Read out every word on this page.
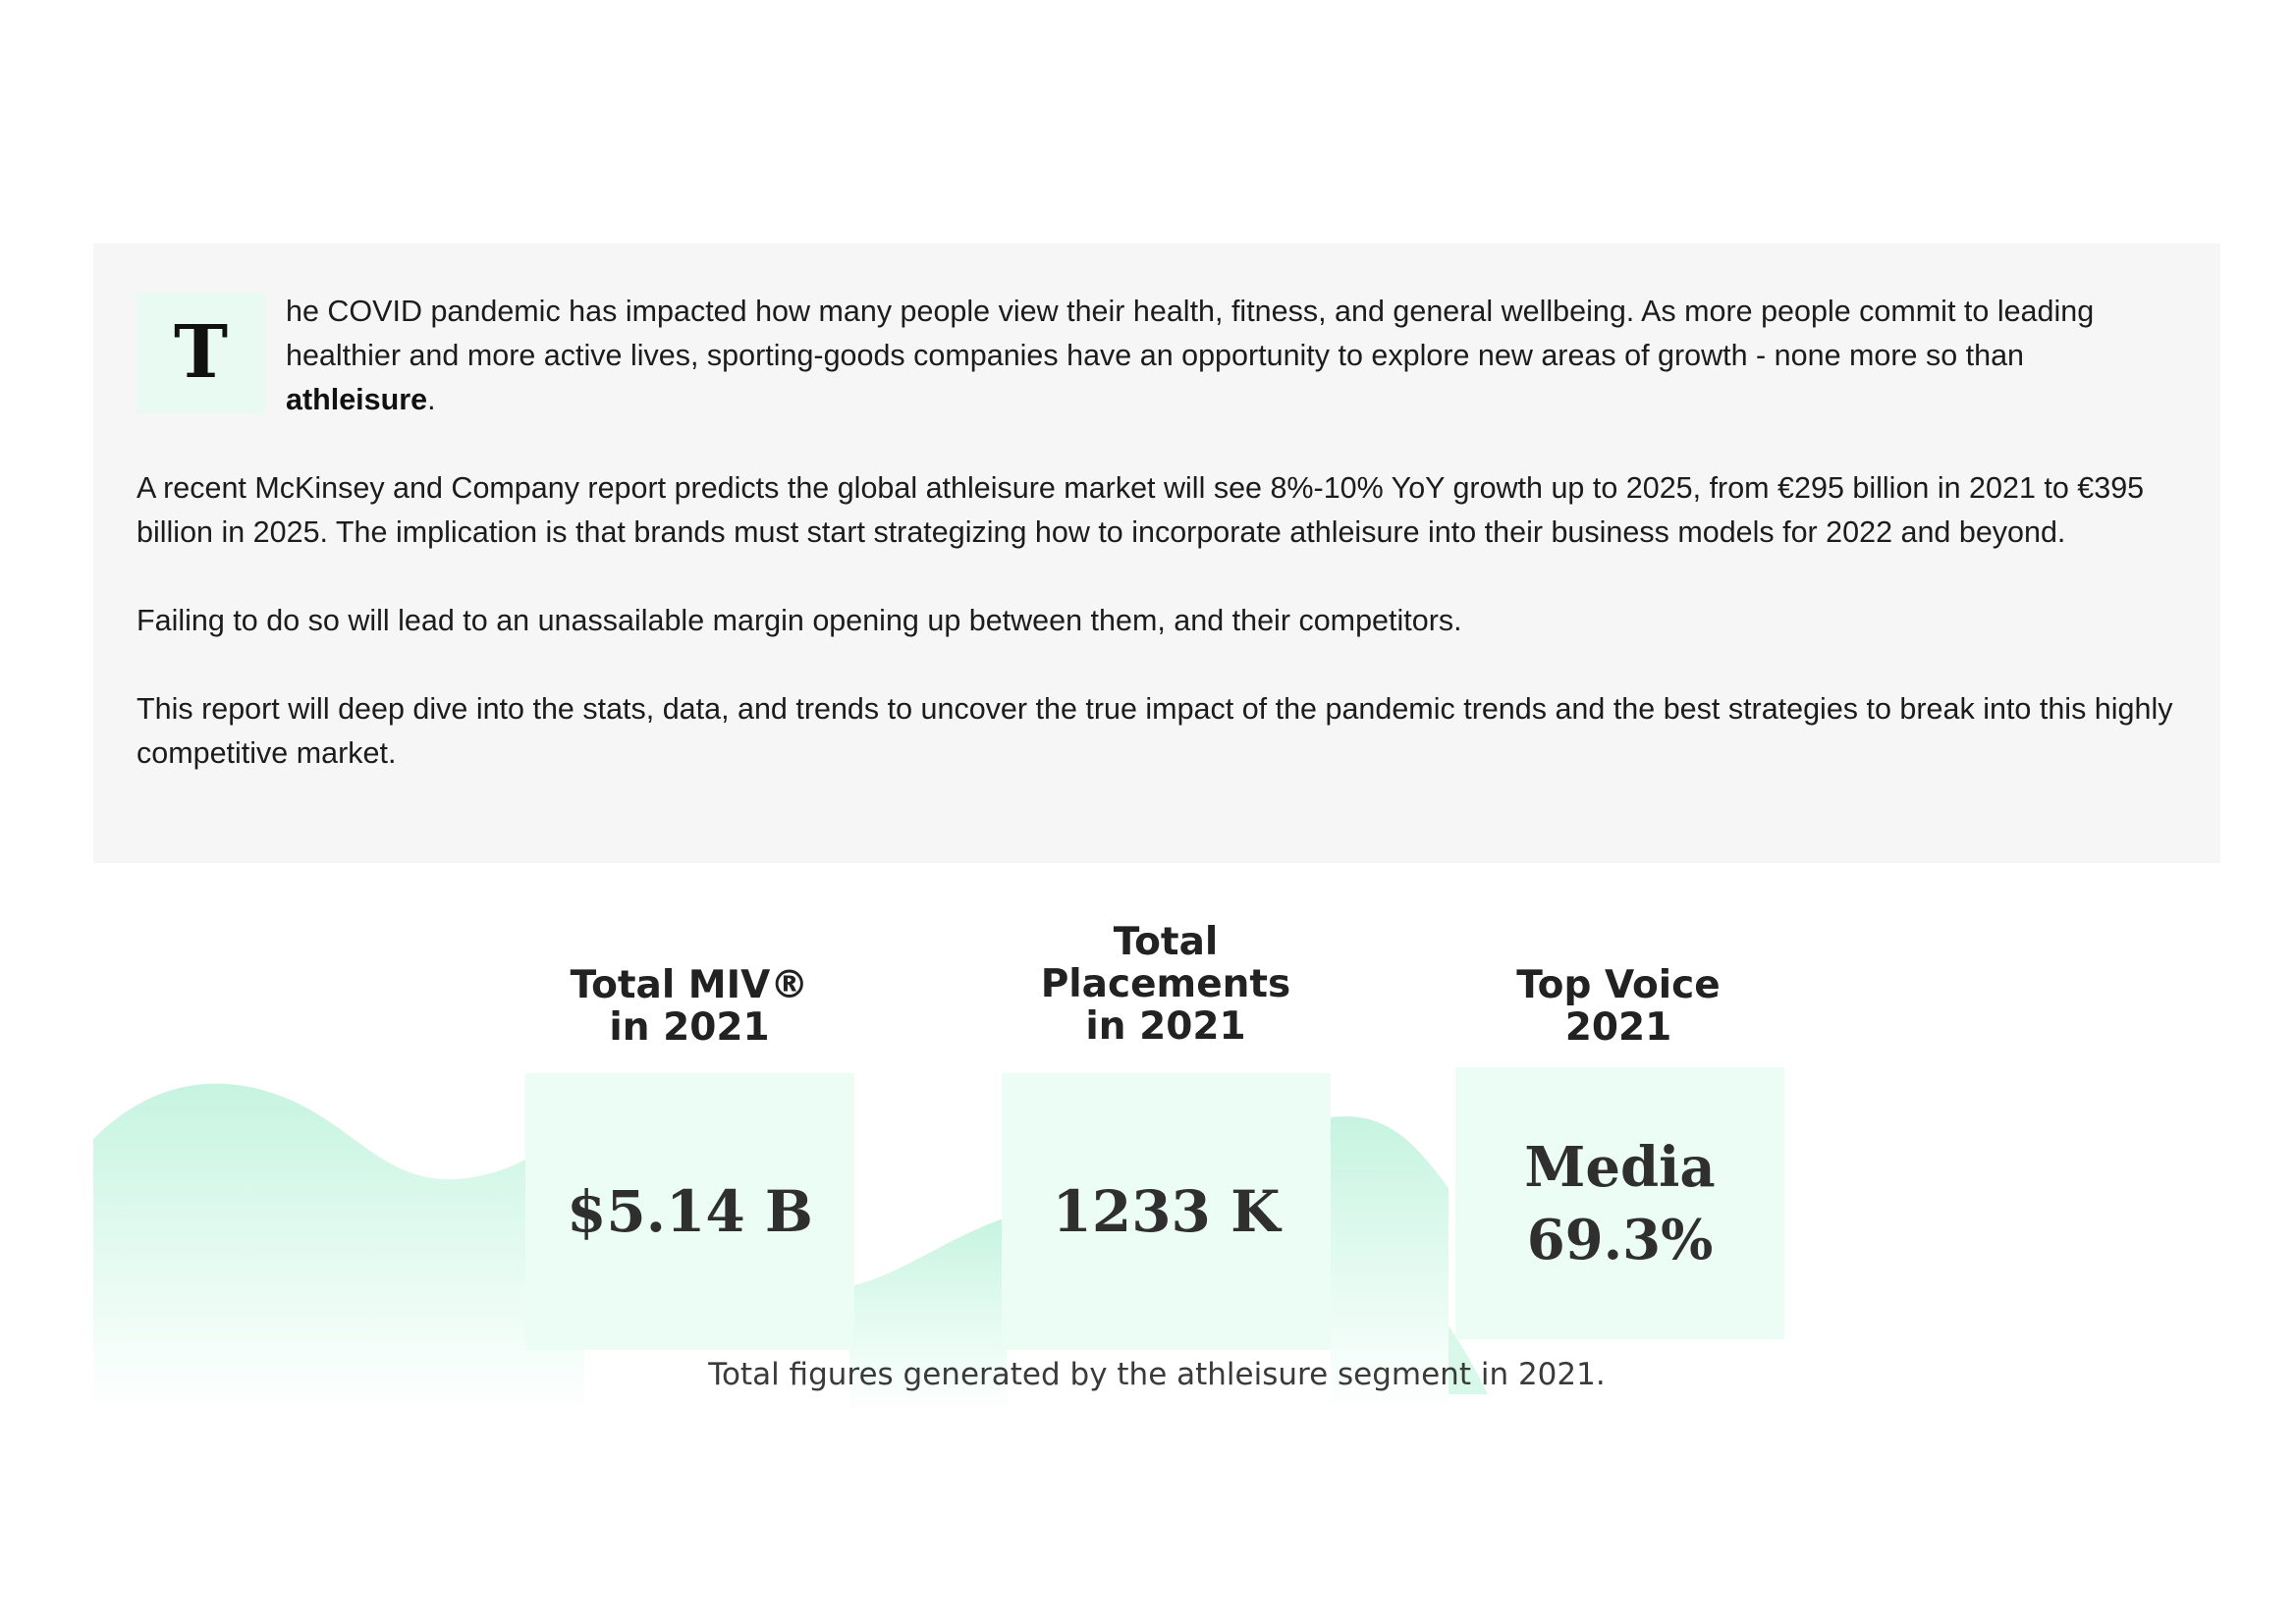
T	he COVID pandemic has impacted how many people view their health, fitness, and general wellbeing. As more people commit to leading healthier and more active lives, sporting-goods companies have an opportunity to explore new areas of growth - none more so than athleisure.

A recent McKinsey and Company report predicts the global athleisure market will see 8%-10% YoY growth up to 2025, from €295 billion in 2021 to €395 billion in 2025. The implication is that brands must start strategizing how to incorporate athleisure into their business models for 2022 and beyond.

Failing to do so will lead to an unassailable margin opening up between them, and their competitors.

This report will deep dive into the stats, data, and trends to uncover the true impact of the pandemic trends and the best strategies to break into this highly competitive market.

Total MIV®
in 2021
$5.14 B
Total
Placements
in 2021
1233 K
Top Voice
2021
Media
69.3%
Total figures generated by the athleisure segment in 2021.
